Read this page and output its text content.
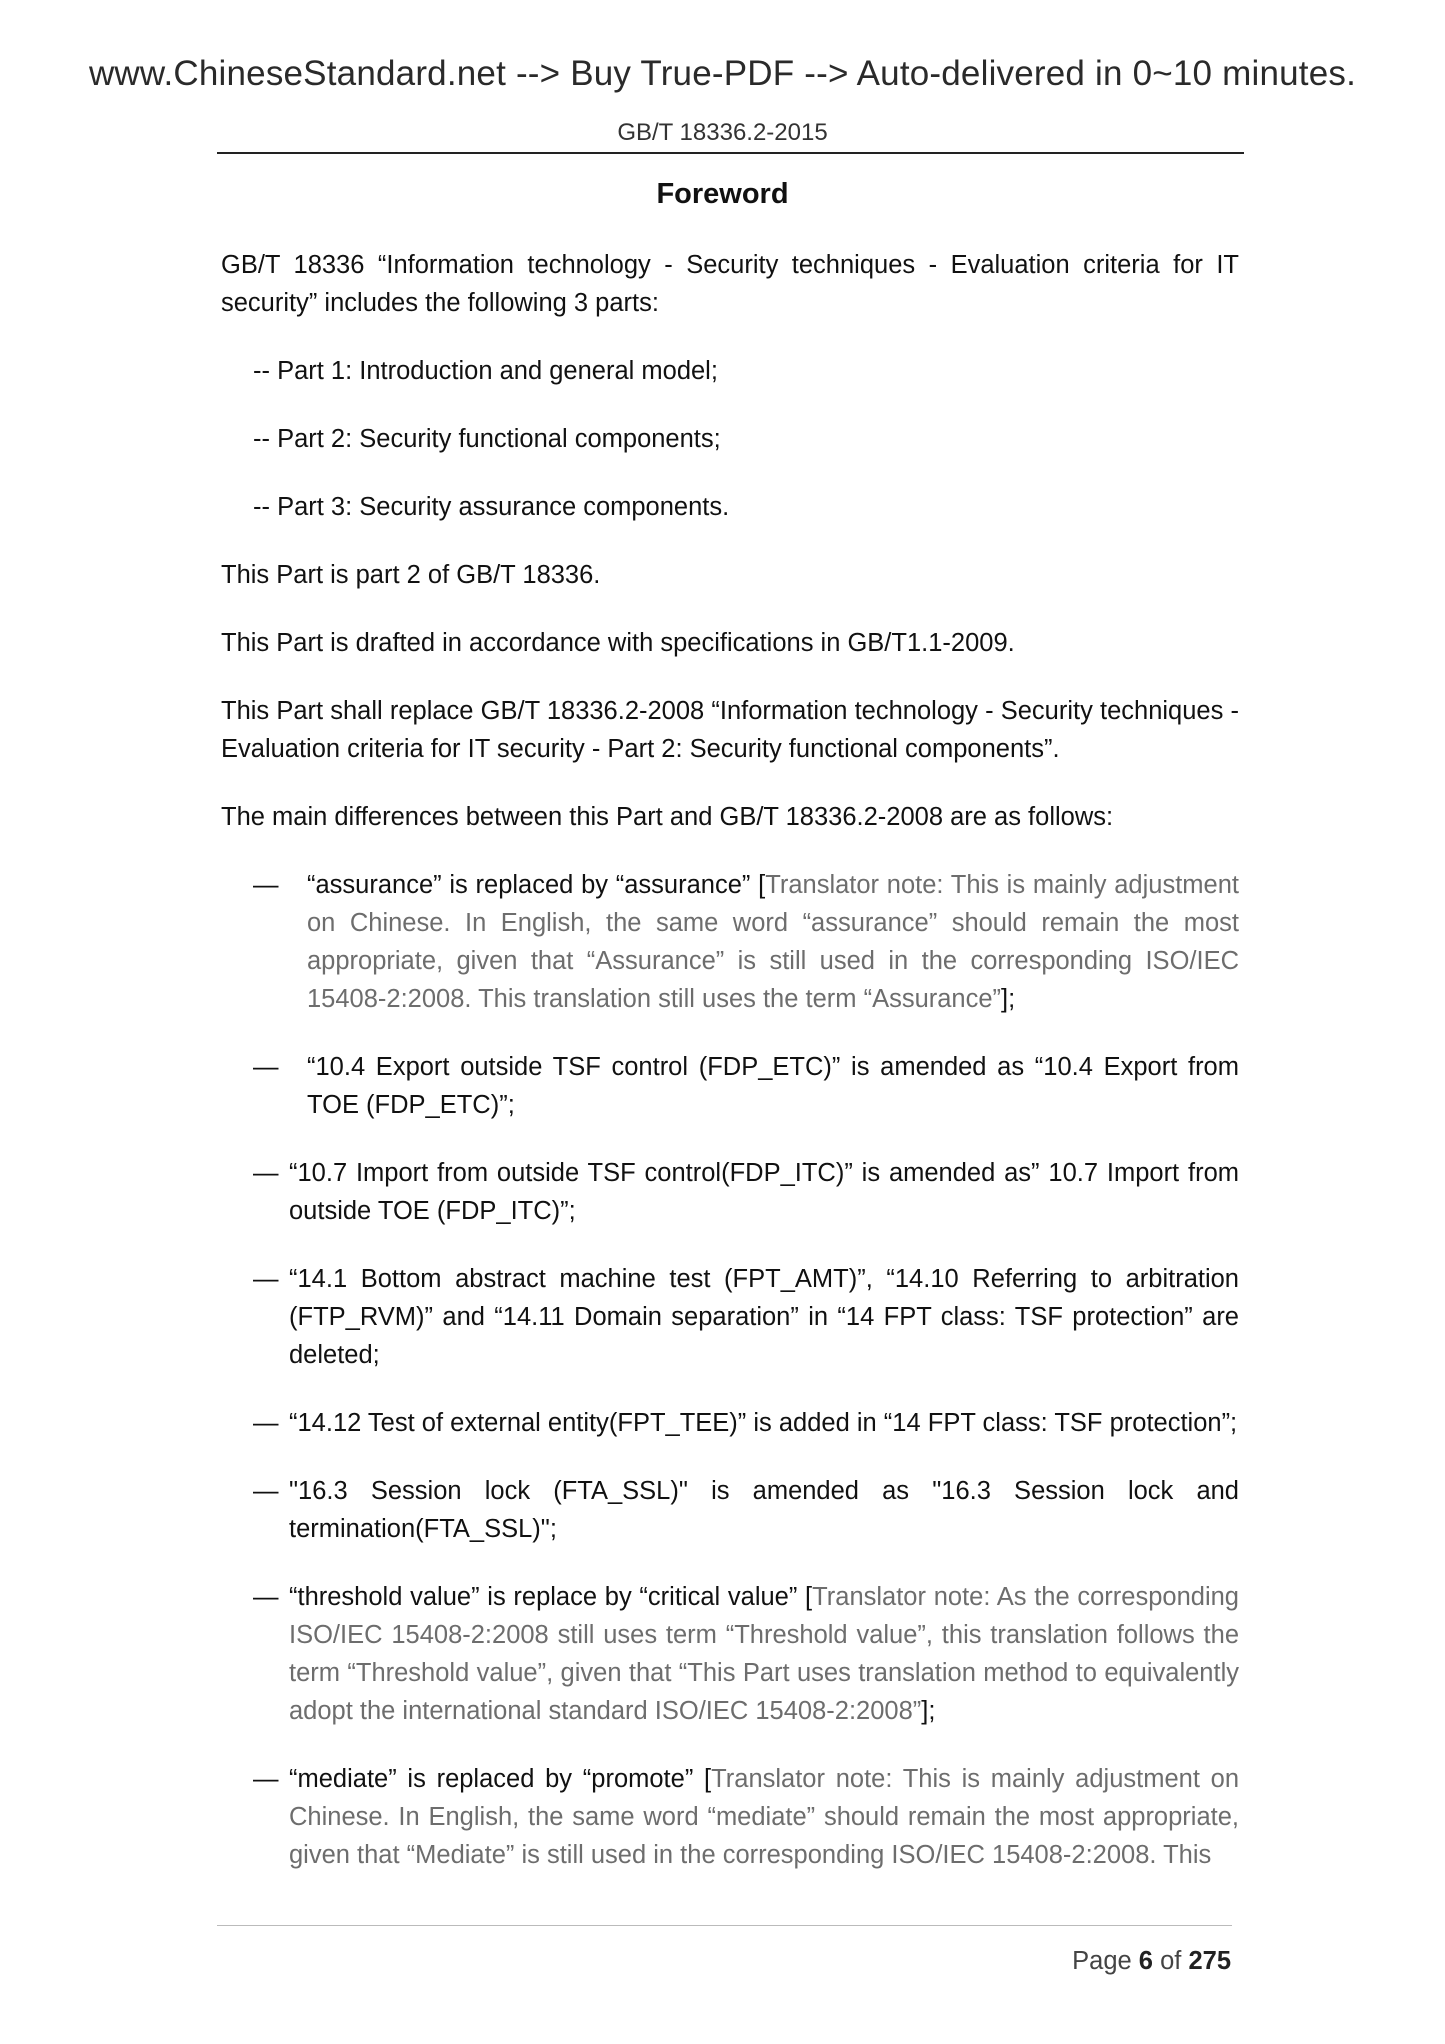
www.ChineseStandard.net --> Buy True-PDF --> Auto-delivered in 0~10 minutes.
GB/T 18336.2-2015
Foreword

GB/T 18336 “Information technology - Security techniques - Evaluation criteria for IT security” includes the following 3 parts:

-- Part 1: Introduction and general model;
-- Part 2: Security functional components;
-- Part 3: Security assurance components.

This Part is part 2 of GB/T 18336.

This Part is drafted in accordance with specifications in GB/T1.1-2009.

This Part shall replace GB/T 18336.2-2008 “Information technology - Security techniques - Evaluation criteria for IT security - Part 2: Security functional components”.

The main differences between this Part and GB/T 18336.2-2008 are as follows:

— “assurance” is replaced by “assurance” [Translator note: This is mainly adjustment on Chinese. In English, the same word “assurance” should remain the most appropriate, given that “Assurance” is still used in the corresponding ISO/IEC 15408-2:2008. This translation still uses the term “Assurance”];
— “10.4 Export outside TSF control (FDP_ETC)” is amended as “10.4 Export from TOE (FDP_ETC)”;
— “10.7 Import from outside TSF control(FDP_ITC)” is amended as” 10.7 Import from outside TOE (FDP_ITC)”;
— “14.1 Bottom abstract machine test (FPT_AMT)”, “14.10 Referring to arbitration (FTP_RVM)” and “14.11 Domain separation” in “14 FPT class: TSF protection” are deleted;
— “14.12 Test of external entity(FPT_TEE)” is added in “14 FPT class: TSF protection”;
— "16.3 Session lock (FTA_SSL)" is amended as "16.3 Session lock and termination(FTA_SSL)";
— “threshold value” is replace by “critical value” [Translator note: As the corresponding ISO/IEC 15408-2:2008 still uses term “Threshold value”, this translation follows the term “Threshold value”, given that “This Part uses translation method to equivalently adopt the international standard ISO/IEC 15408-2:2008”];
— “mediate” is replaced by “promote” [Translator note: This is mainly adjustment on Chinese. In English, the same word “mediate” should remain the most appropriate, given that “Mediate” is still used in the corresponding ISO/IEC 15408-2:2008. This
Page 6 of 275
